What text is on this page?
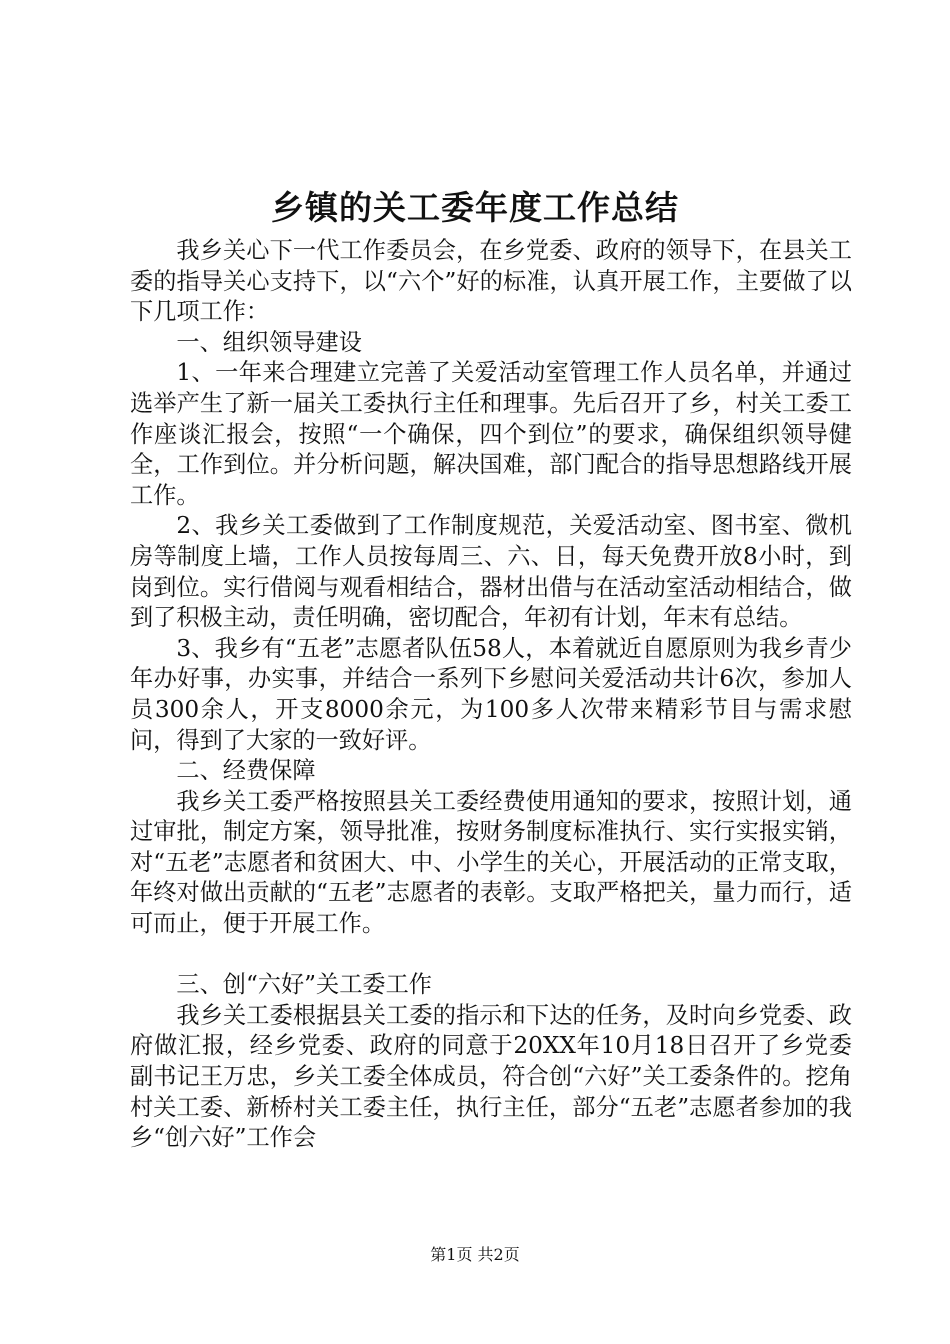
乡镇的关工委年度工作总结

我乡关心下一代工作委员会，在乡党委、政府的领导下，在县关工委的指导关心支持下，以“六个”好的标准，认真开展工作，主要做了以下几项工作：

一、组织领导建设

1、一年来合理建立完善了关爱活动室管理工作人员名单，并通过选举产生了新一届关工委执行主任和理事。先后召开了乡，村关工委工作座谈汇报会，按照“一个确保，四个到位”的要求，确保组织领导健全，工作到位。并分析问题，解决国难，部门配合的指导思想路线开展工作。

2、我乡关工委做到了工作制度规范，关爱活动室、图书室、微机房等制度上墙，工作人员按每周三、六、日，每天免费开放8小时，到岗到位。实行借阅与观看相结合，器材出借与在活动室活动相结合，做到了积极主动，责任明确，密切配合，年初有计划，年末有总结。

3、我乡有“五老”志愿者队伍58人，本着就近自愿原则为我乡青少年办好事，办实事，并结合一系列下乡慰问关爱活动共计6次，参加人员300余人，开支8000余元，为100多人次带来精彩节目与需求慰问，得到了大家的一致好评。

二、经费保障

我乡关工委严格按照县关工委经费使用通知的要求，按照计划，通过审批，制定方案，领导批准，按财务制度标准执行、实行实报实销，对“五老”志愿者和贫困大、中、小学生的关心，开展活动的正常支取，年终对做出贡献的“五老”志愿者的表彰。支取严格把关，量力而行，适可而止，便于开展工作。

三、创“六好”关工委工作

我乡关工委根据县关工委的指示和下达的任务，及时向乡党委、政府做汇报，经乡党委、政府的同意于20XX年10月18日召开了乡党委副书记王万忠，乡关工委全体成员，符合创“六好”关工委条件的。挖角村关工委、新桥村关工委主任，执行主任，部分“五老”志愿者参加的我乡“创六好”工作会

第1页 共2页
